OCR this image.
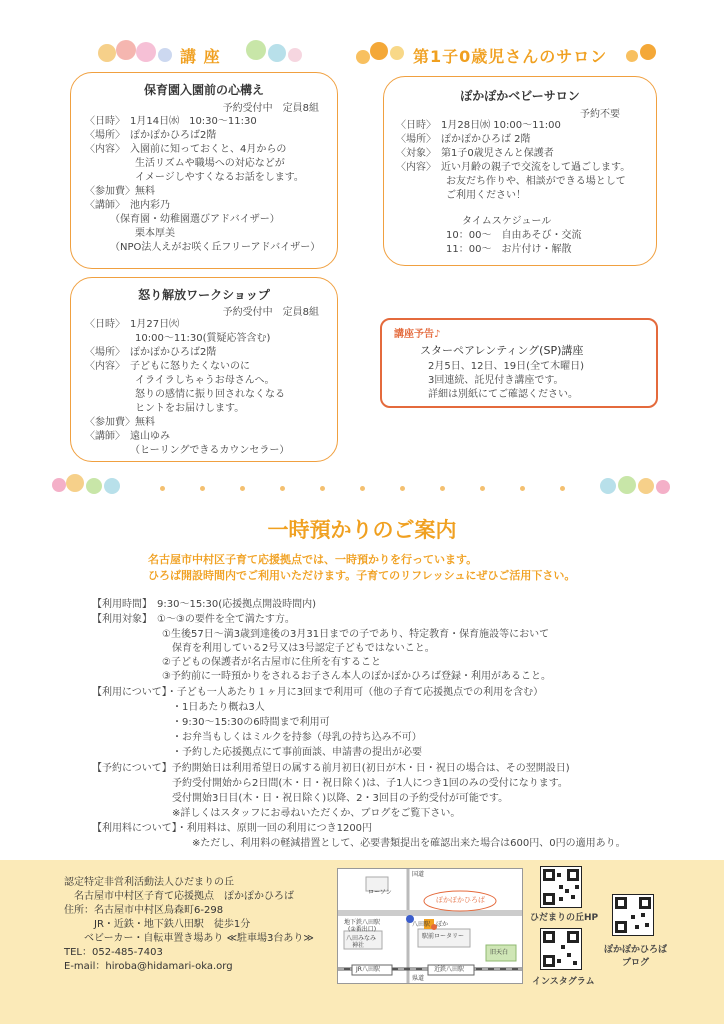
講 座	第1子0歳児さんのサロン
保育園入園前の心構え
予約受付中　定員8組
〈日時〉　1月14日㈬　10:30～11:30
〈場所〉　ぽかぽかひろば2階
〈内容〉　入園前に知っておくと、4月からの
　　　　　生活リズムや職場への対応などが
　　　　　イメージしやすくなるお話をします。
〈参加費〉無料
〈講師〉　池内彩乃
　　　（保育園・幼稚園選びアドバイザー）
　　　　　栗本厚美
　　　（NPO法人えがお咲く丘フリーアドバイザー）
怒り解放ワークショップ
予約受付中　定員8組
〈日時〉　1月27日㈫
　　　　　10:00～11:30(質疑応答含む)
〈場所〉　ぽかぽかひろば2階
〈内容〉　子どもに怒りたくないのに
　　　　　イライラしちゃうお母さんへ。
　　　　　怒りの感情に振り回されなくなる
　　　　　ヒントをお届けします。
〈参加費〉無料
〈講師〉　遠山ゆみ
　　　　　（ヒーリングできるカウンセラー）
ぽかぽかベビーサロン
予約不要
〈日時〉　1月28日㈬ 10:00～11:00
〈場所〉　ぽかぽかひろば 2階
〈対象〉　第1子0歳児さんと保護者
〈内容〉　近い月齢の親子で交流をして過ごします。
　　　　　お友だち作りや、相談ができる場として
　　　　　ご利用ください！
タイムスケジュール
10：00～　自由あそび・交流
11：00～　お片付け・解散
講座予告♪
スターペアレンティング(SP)講座
2月5日、12日、19日(全て木曜日)
3回連続、託児付き講座です。
詳細は別紙にてご確認ください。
一時預かりのご案内
名古屋市中村区子育て応援拠点では、一時預かりを行っています。
ひろば開設時間内でご利用いただけます。子育てのリフレッシュにぜひご活用下さい。
【利用時間】　9:30～15:30(応援拠点開設時間内)
【利用対象】　①～③の要件を全て満たす方。
　　　　　　　①生後57日～満3歳到達後の3月31日までの子であり、特定教育・保育施設等において
　　　　　　　　保育を利用している2号又は3号認定子どもではないこと。
　　　　　　　②子どもの保護者が名古屋市に住所を有すること
　　　　　　　③予約前に一時預かりをされるお子さん本人のぽかぽかひろば登録・利用があること。
【利用について】・子ども一人あたり１ヶ月に3回まで利用可（他の子育て応援拠点での利用を含む）
　　　　　　　　・1日あたり概ね3人
　　　　　　　　・9:30～15:30の6時間まで利用可
　　　　　　　　・お弁当もしくはミルクを持参（母乳の持ち込み不可）
　　　　　　　　・予約した応援拠点にて事前面談、申請書の提出が必要
【予約について】予約開始日は利用希望日の属する前月初日(初日が木・日・祝日の場合は、その翌開設日)
　　　　　　　　予約受付開始から2日間(木・日・祝日除く)は、子1人につき1回のみの受付になります。
　　　　　　　　受付開始3日目(木・日・祝日除く)以降、2・3回目の予約受付が可能です。
　　　　　　　　※詳しくはスタッフにお尋ねいただくか、ブログをご覧下さい。
【利用料について】・利用料は、原則一回の利用につき1200円
　　　　　　　　　　※ただし、利用料の軽減措置として、必要書類提出を確認出来た場合は600円、0円の適用あり。
認定特定非営利活動法人ひだまりの丘
　名古屋市中村区子育て応援拠点　ぽかぽかひろば
住所：名古屋市中村区鳥森町6-298
　　　JR・近鉄・地下鉄八田駅　徒歩1分
　　ベビーカー・自転車置き場あり ≪駐車場3台あり≫
TEL：052-485-7403
E-mail：hiroba@hidamari-oka.org
国道
ローソン
ぽかぽかひろば
八田駅
地下鉄八田駅
(②番出口)
八田みなみ
神社
駅前ロータリー
旧天白
ぽか
JR八田駅	近鉄八田駅
県道
ひだまりの丘HP
インスタグラム
ぽかぽかひろば
ブログ
